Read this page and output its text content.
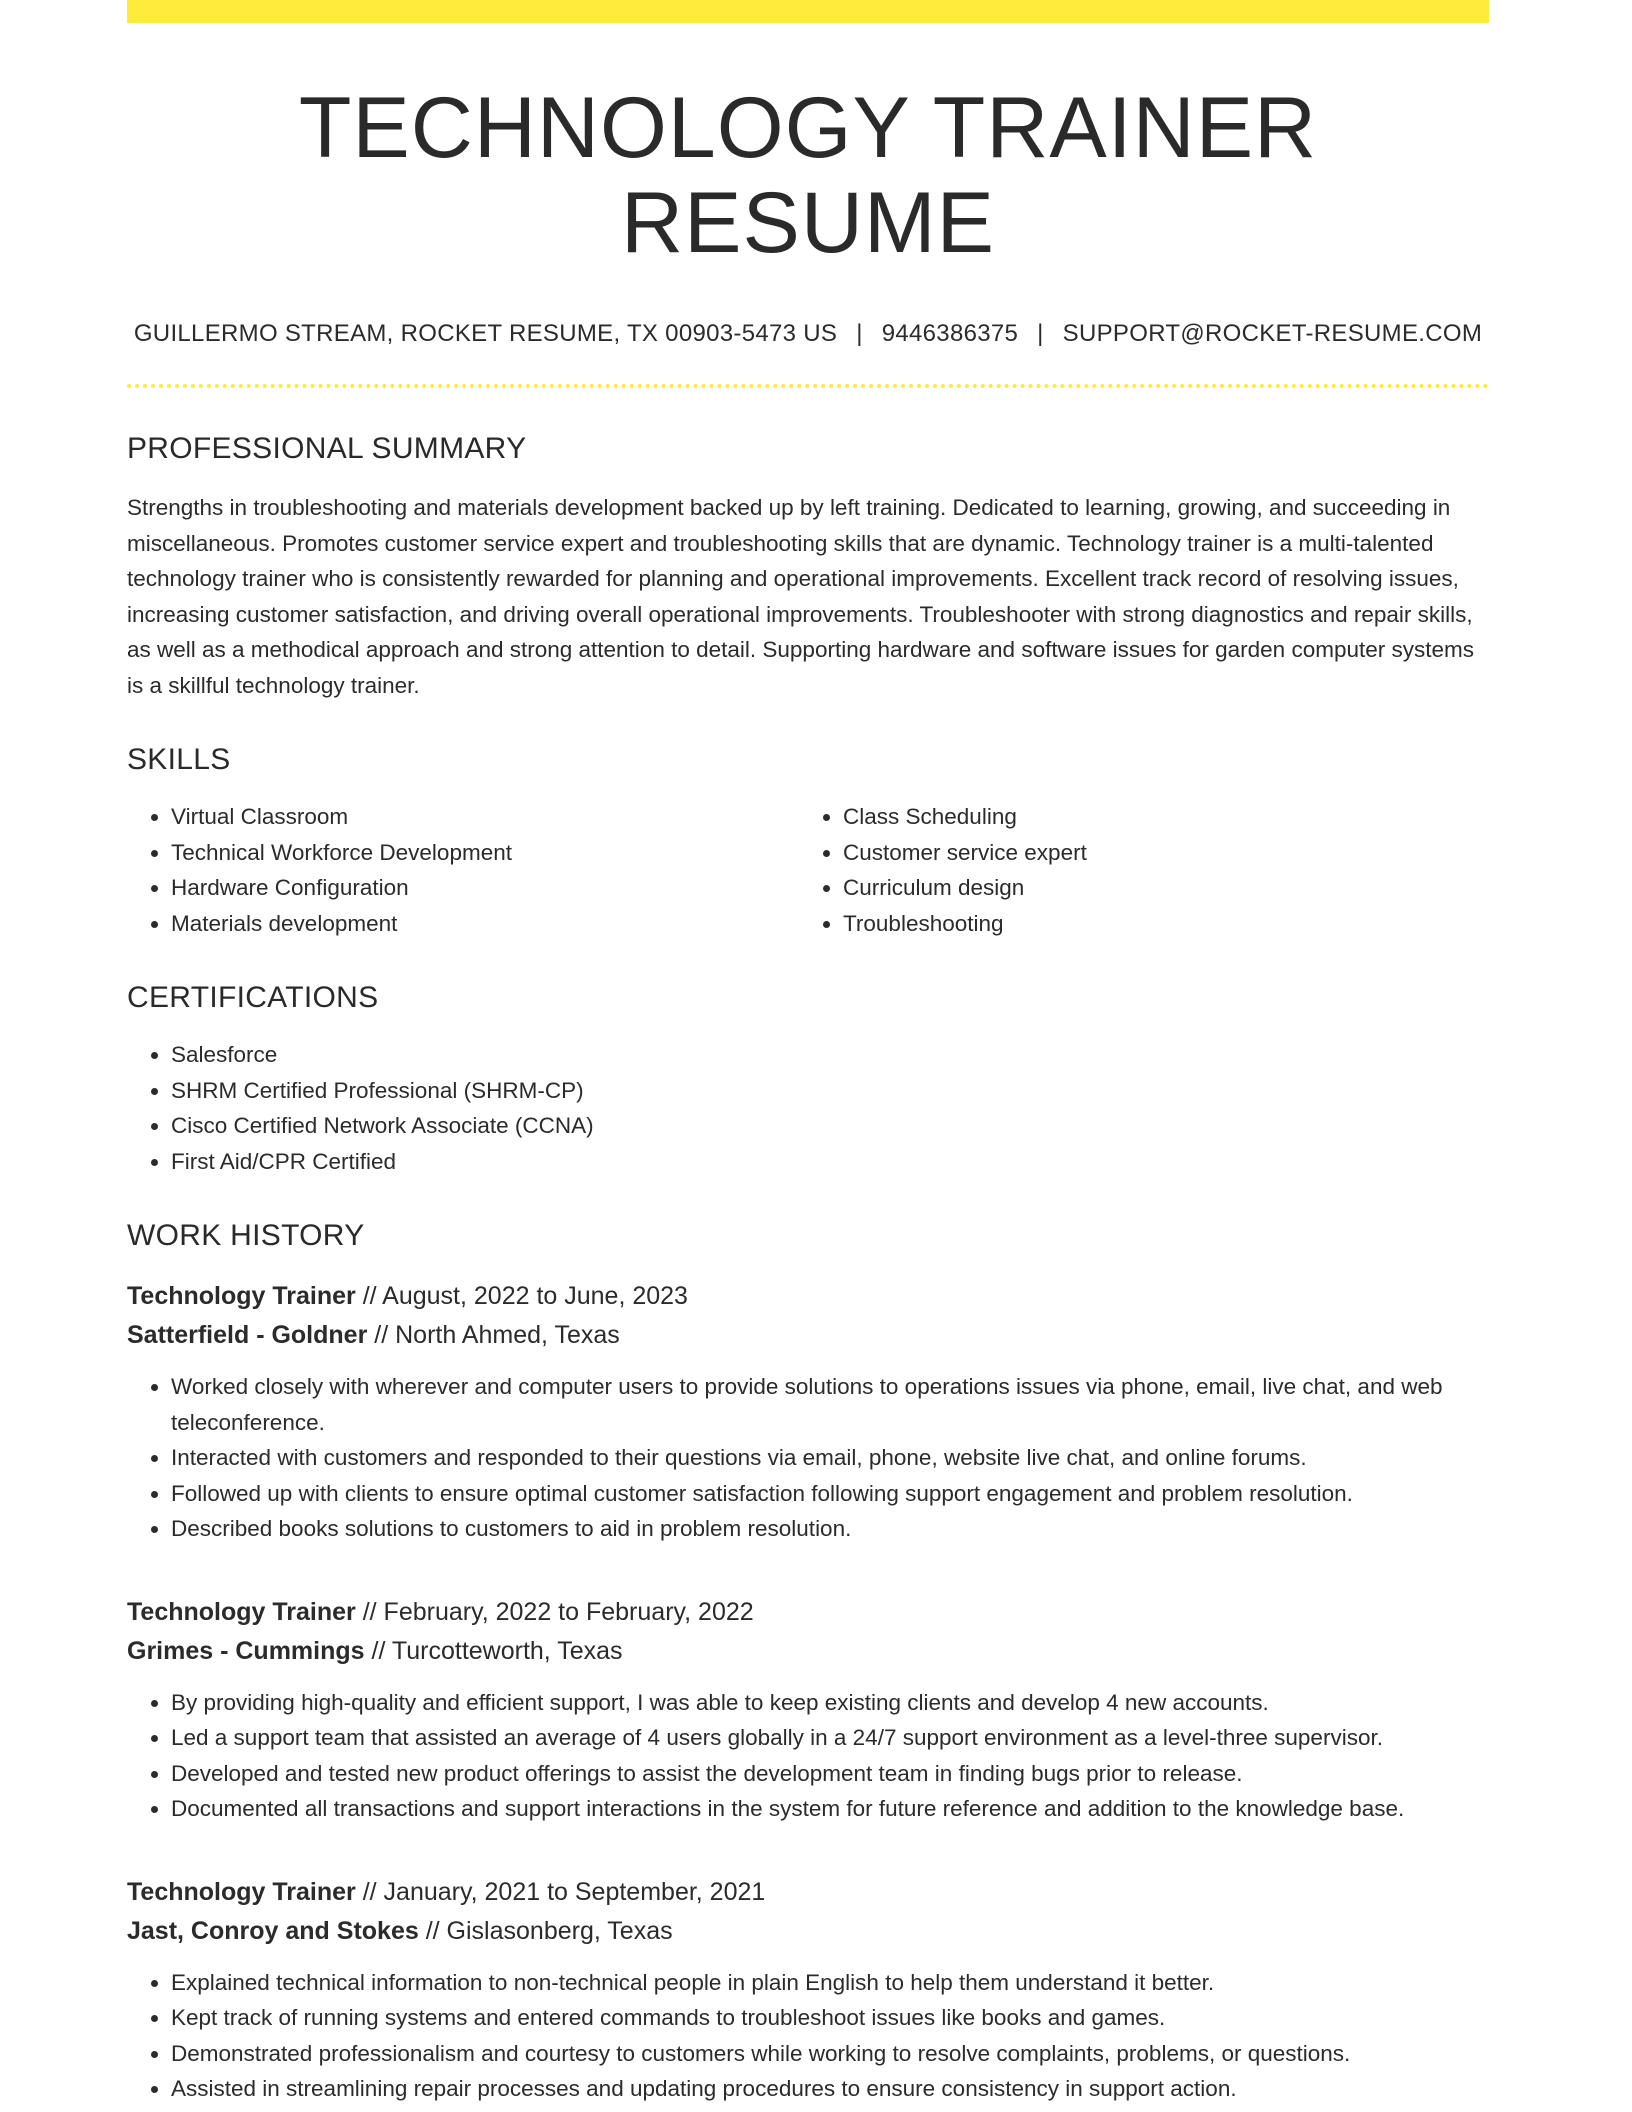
TECHNOLOGY TRAINER RESUME
GUILLERMO STREAM, ROCKET RESUME, TX 00903-5473 US | 9446386375 | SUPPORT@ROCKET-RESUME.COM
PROFESSIONAL SUMMARY

Strengths in troubleshooting and materials development backed up by left training. Dedicated to learning, growing, and succeeding in miscellaneous. Promotes customer service expert and troubleshooting skills that are dynamic. Technology trainer is a multi-talented technology trainer who is consistently rewarded for planning and operational improvements. Excellent track record of resolving issues, increasing customer satisfaction, and driving overall operational improvements. Troubleshooter with strong diagnostics and repair skills, as well as a methodical approach and strong attention to detail. Supporting hardware and software issues for garden computer systems is a skillful technology trainer.

SKILLS
• Virtual Classroom
• Technical Workforce Development
• Hardware Configuration
• Materials development
• Class Scheduling
• Customer service expert
• Curriculum design
• Troubleshooting
CERTIFICATIONS
• Salesforce
• SHRM Certified Professional (SHRM-CP)
• Cisco Certified Network Associate (CCNA)
• First Aid/CPR Certified
WORK HISTORY
Technology Trainer // August, 2022 to June, 2023
Satterfield - Goldner // North Ahmed, Texas
• Worked closely with wherever and computer users to provide solutions to operations issues via phone, email, live chat, and web teleconference.
• Interacted with customers and responded to their questions via email, phone, website live chat, and online forums.
• Followed up with clients to ensure optimal customer satisfaction following support engagement and problem resolution.
• Described books solutions to customers to aid in problem resolution.
Technology Trainer // February, 2022 to February, 2022
Grimes - Cummings // Turcotteworth, Texas
• By providing high-quality and efficient support, I was able to keep existing clients and develop 4 new accounts.
• Led a support team that assisted an average of 4 users globally in a 24/7 support environment as a level-three supervisor.
• Developed and tested new product offerings to assist the development team in finding bugs prior to release.
• Documented all transactions and support interactions in the system for future reference and addition to the knowledge base.
Technology Trainer // January, 2021 to September, 2021
Jast, Conroy and Stokes // Gislasonberg, Texas
• Explained technical information to non-technical people in plain English to help them understand it better.
• Kept track of running systems and entered commands to troubleshoot issues like books and games.
• Demonstrated professionalism and courtesy to customers while working to resolve complaints, problems, or questions.
• Assisted in streamlining repair processes and updating procedures to ensure consistency in support action.
